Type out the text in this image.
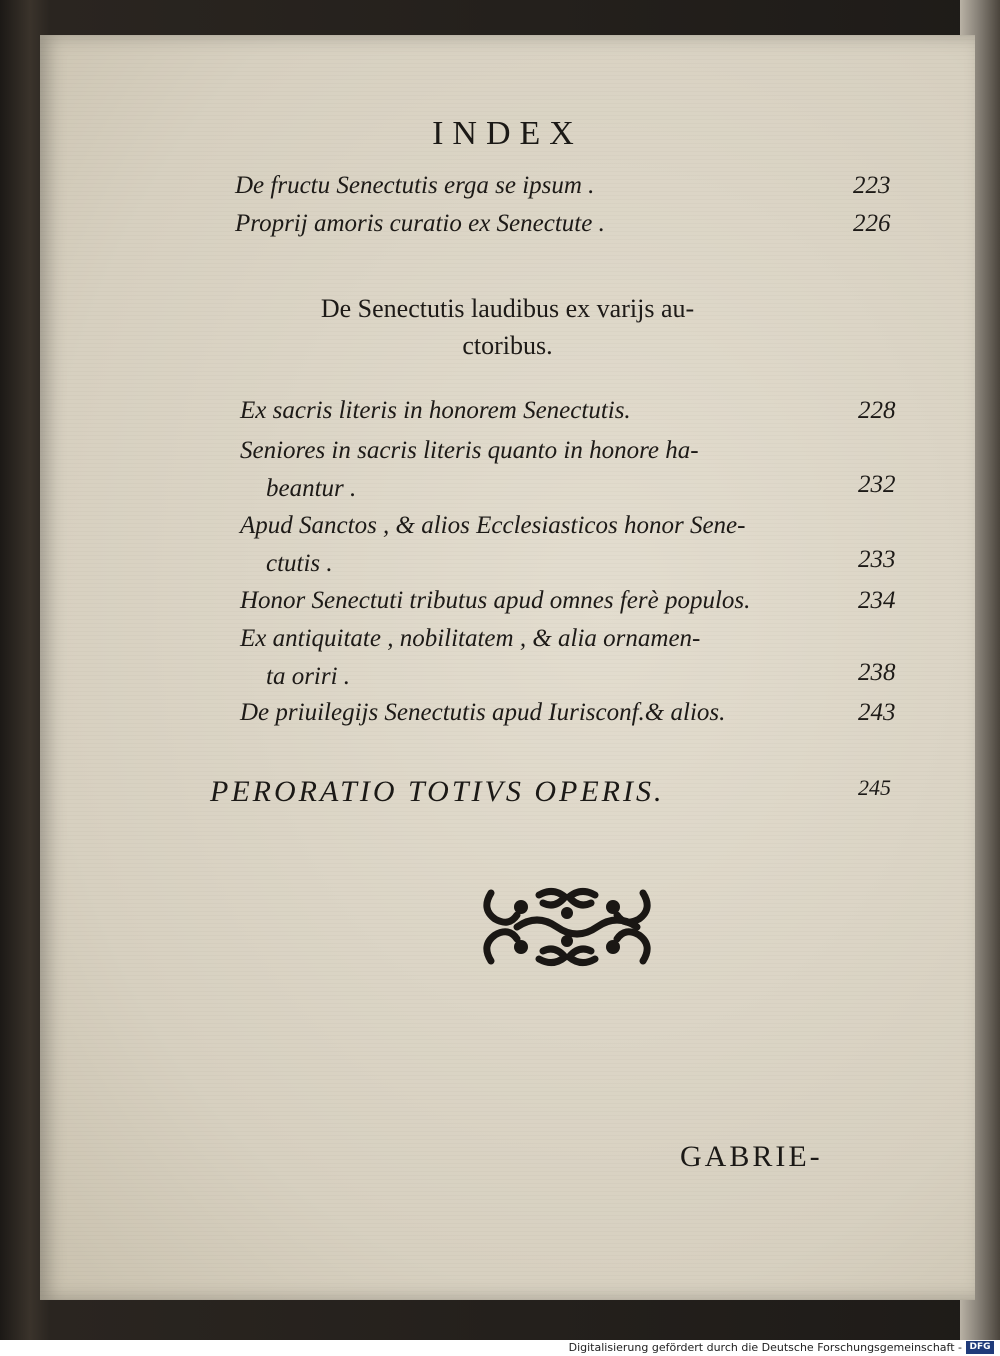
INDEX
De fructu Senectutis erga se ipsum .	223
Proprij amoris curatio ex Senectute .	226
De Senectutis laudibus ex varijs au-
ctoribus.
Ex sacris literis in honorem Senectutis.	228
Seniores in sacris literis quanto in honore ha-
beantur .	232
Apud Sanctos , & alios Ecclesiasticos honor Sene-
ctutis .	233
Honor Senectuti tributus apud omnes ferè populos.	234
Ex antiquitate , nobilitatem , & alia ornamen-
ta oriri .	238
De priuilegijs Senectutis apud Iurisconf.& alios.	243
PERORATIO TOTIVS OPERIS.	245
GABRIE-
Digitalisierung gefördert durch die Deutsche Forschungsgemeinschaft - DFG
